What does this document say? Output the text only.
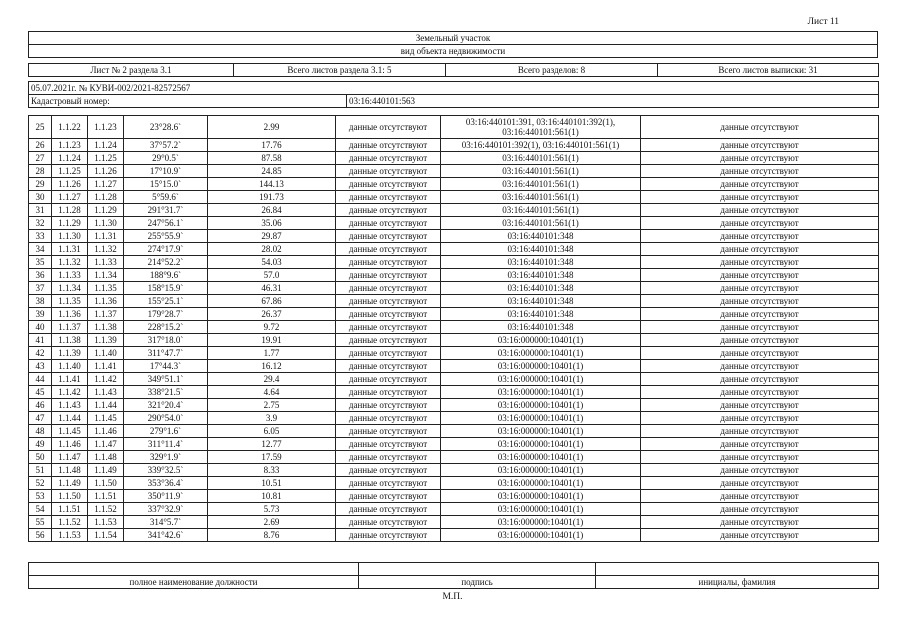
Лист 11
Земельный участок
вид объекта недвижимости
Лист № 2 раздела 3.1	Всего листов раздела 3.1: 5	Всего разделов: 8	Всего листов выписки: 31
05.07.2021г. № КУВИ-002/2021-82572567
Кадастровый номер:	03:16:440101:563
25	1.1.22	1.1.23	23°28.6`	2.99	данные отсутствуют	03:16:440101:391, 03:16:440101:392(1), 03:16:440101:561(1)	данные отсутствуют
26	1.1.23	1.1.24	37°57.2`	17.76	данные отсутствуют	03:16:440101:392(1), 03:16:440101:561(1)	данные отсутствуют
27	1.1.24	1.1.25	29°0.5`	87.58	данные отсутствуют	03:16:440101:561(1)	данные отсутствуют
28	1.1.25	1.1.26	17°10.9`	24.85	данные отсутствуют	03:16:440101:561(1)	данные отсутствуют
29	1.1.26	1.1.27	15°15.0`	144.13	данные отсутствуют	03:16:440101:561(1)	данные отсутствуют
30	1.1.27	1.1.28	5°59.6`	191.73	данные отсутствуют	03:16:440101:561(1)	данные отсутствуют
31	1.1.28	1.1.29	291°31.7`	26.84	данные отсутствуют	03:16:440101:561(1)	данные отсутствуют
32	1.1.29	1.1.30	247°56.1`	35.06	данные отсутствуют	03:16:440101:561(1)	данные отсутствуют
33	1.1.30	1.1.31	255°55.9`	29.87	данные отсутствуют	03:16:440101:348	данные отсутствуют
34	1.1.31	1.1.32	274°17.9`	28.02	данные отсутствуют	03:16:440101:348	данные отсутствуют
35	1.1.32	1.1.33	214°52.2`	54.03	данные отсутствуют	03:16:440101:348	данные отсутствуют
36	1.1.33	1.1.34	188°9.6`	57.0	данные отсутствуют	03:16:440101:348	данные отсутствуют
37	1.1.34	1.1.35	158°15.9`	46.31	данные отсутствуют	03:16:440101:348	данные отсутствуют
38	1.1.35	1.1.36	155°25.1`	67.86	данные отсутствуют	03:16:440101:348	данные отсутствуют
39	1.1.36	1.1.37	179°28.7`	26.37	данные отсутствуют	03:16:440101:348	данные отсутствуют
40	1.1.37	1.1.38	228°15.2`	9.72	данные отсутствуют	03:16:440101:348	данные отсутствуют
41	1.1.38	1.1.39	317°18.0`	19.91	данные отсутствуют	03:16:000000:10401(1)	данные отсутствуют
42	1.1.39	1.1.40	311°47.7`	1.77	данные отсутствуют	03:16:000000:10401(1)	данные отсутствуют
43	1.1.40	1.1.41	17°44.3`	16.12	данные отсутствуют	03:16:000000:10401(1)	данные отсутствуют
44	1.1.41	1.1.42	349°51.1`	29.4	данные отсутствуют	03:16:000000:10401(1)	данные отсутствуют
45	1.1.42	1.1.43	338°21.5`	4.64	данные отсутствуют	03:16:000000:10401(1)	данные отсутствуют
46	1.1.43	1.1.44	321°20.4`	2.75	данные отсутствуют	03:16:000000:10401(1)	данные отсутствуют
47	1.1.44	1.1.45	290°54.0`	3.9	данные отсутствуют	03:16:000000:10401(1)	данные отсутствуют
48	1.1.45	1.1.46	279°1.6`	6.05	данные отсутствуют	03:16:000000:10401(1)	данные отсутствуют
49	1.1.46	1.1.47	311°11.4`	12.77	данные отсутствуют	03:16:000000:10401(1)	данные отсутствуют
50	1.1.47	1.1.48	329°1.9`	17.59	данные отсутствуют	03:16:000000:10401(1)	данные отсутствуют
51	1.1.48	1.1.49	339°32.5`	8.33	данные отсутствуют	03:16:000000:10401(1)	данные отсутствуют
52	1.1.49	1.1.50	353°36.4`	10.51	данные отсутствуют	03:16:000000:10401(1)	данные отсутствуют
53	1.1.50	1.1.51	350°11.9`	10.81	данные отсутствуют	03:16:000000:10401(1)	данные отсутствуют
54	1.1.51	1.1.52	337°32.9`	5.73	данные отсутствуют	03:16:000000:10401(1)	данные отсутствуют
55	1.1.52	1.1.53	314°5.7`	2.69	данные отсутствуют	03:16:000000:10401(1)	данные отсутствуют
56	1.1.53	1.1.54	341°42.6`	8.76	данные отсутствуют	03:16:000000:10401(1)	данные отсутствуют

полное наименование должности	подпись	инициалы, фамилия
М.П.
